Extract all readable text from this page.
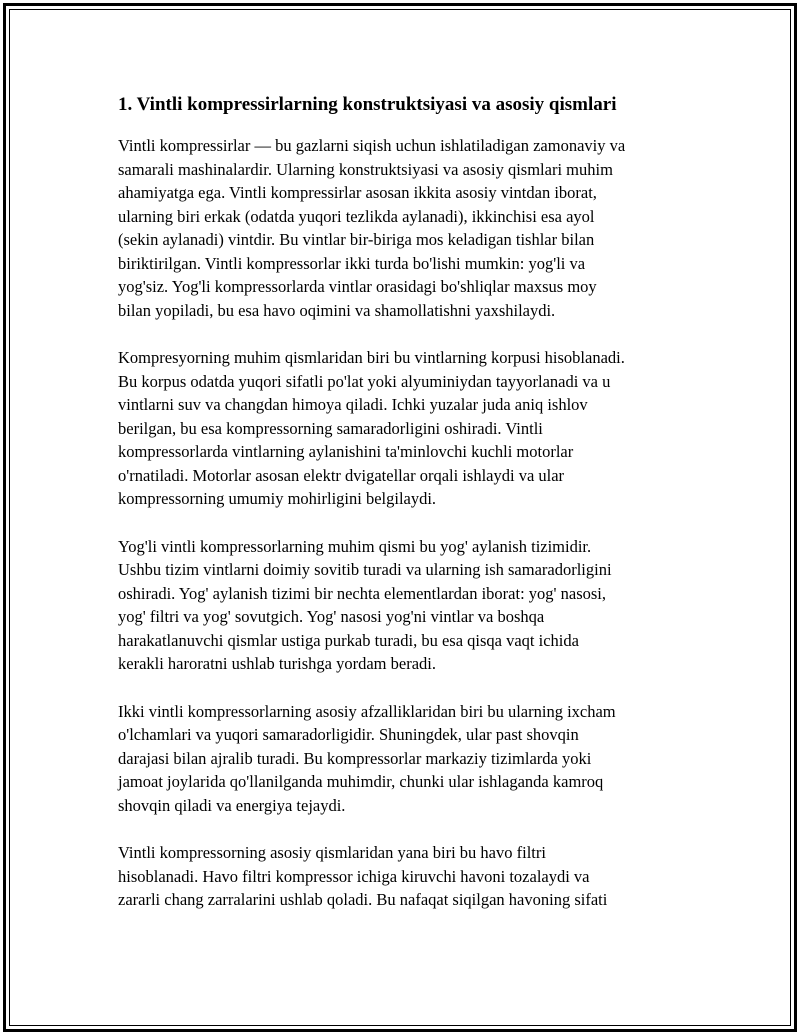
1. Vintli kompressirlarning konstruktsiyasi va asosiy qismlari

Vintli kompressirlar — bu gazlarni siqish uchun ishlatiladigan zamonaviy va
samarali mashinalardir. Ularning konstruktsiyasi va asosiy qismlari muhim
ahamiyatga ega. Vintli kompressirlar asosan ikkita asosiy vintdan iborat,
ularning biri erkak (odatda yuqori tezlikda aylanadi), ikkinchisi esa ayol
(sekin aylanadi) vintdir. Bu vintlar bir-biriga mos keladigan tishlar bilan
biriktirilgan. Vintli kompressorlar ikki turda bo'lishi mumkin: yog'li va
yog'siz. Yog'li kompressorlarda vintlar orasidagi bo'shliqlar maxsus moy
bilan yopiladi, bu esa havo oqimini va shamollatishni yaxshilaydi.

Kompresyorning muhim qismlaridan biri bu vintlarning korpusi hisoblanadi.
Bu korpus odatda yuqori sifatli po'lat yoki alyuminiydan tayyorlanadi va u
vintlarni suv va changdan himoya qiladi. Ichki yuzalar juda aniq ishlov
berilgan, bu esa kompressorning samaradorligini oshiradi. Vintli
kompressorlarda vintlarning aylanishini ta'minlovchi kuchli motorlar
o'rnatiladi. Motorlar asosan elektr dvigatellar orqali ishlaydi va ular
kompressorning umumiy mohirligini belgilaydi.

Yog'li vintli kompressorlarning muhim qismi bu yog' aylanish tizimidir.
Ushbu tizim vintlarni doimiy sovitib turadi va ularning ish samaradorligini
oshiradi. Yog' aylanish tizimi bir nechta elementlardan iborat: yog' nasosi,
yog' filtri va yog' sovutgich. Yog' nasosi yog'ni vintlar va boshqa
harakatlanuvchi qismlar ustiga purkab turadi, bu esa qisqa vaqt ichida
kerakli haroratni ushlab turishga yordam beradi.

Ikki vintli kompressorlarning asosiy afzalliklaridan biri bu ularning ixcham
o'lchamlari va yuqori samaradorligidir. Shuningdek, ular past shovqin
darajasi bilan ajralib turadi. Bu kompressorlar markaziy tizimlarda yoki
jamoat joylarida qo'llanilganda muhimdir, chunki ular ishlaganda kamroq
shovqin qiladi va energiya tejaydi.

Vintli kompressorning asosiy qismlaridan yana biri bu havo filtri
hisoblanadi. Havo filtri kompressor ichiga kiruvchi havoni tozalaydi va
zararli chang zarralarini ushlab qoladi. Bu nafaqat siqilgan havoning sifati
